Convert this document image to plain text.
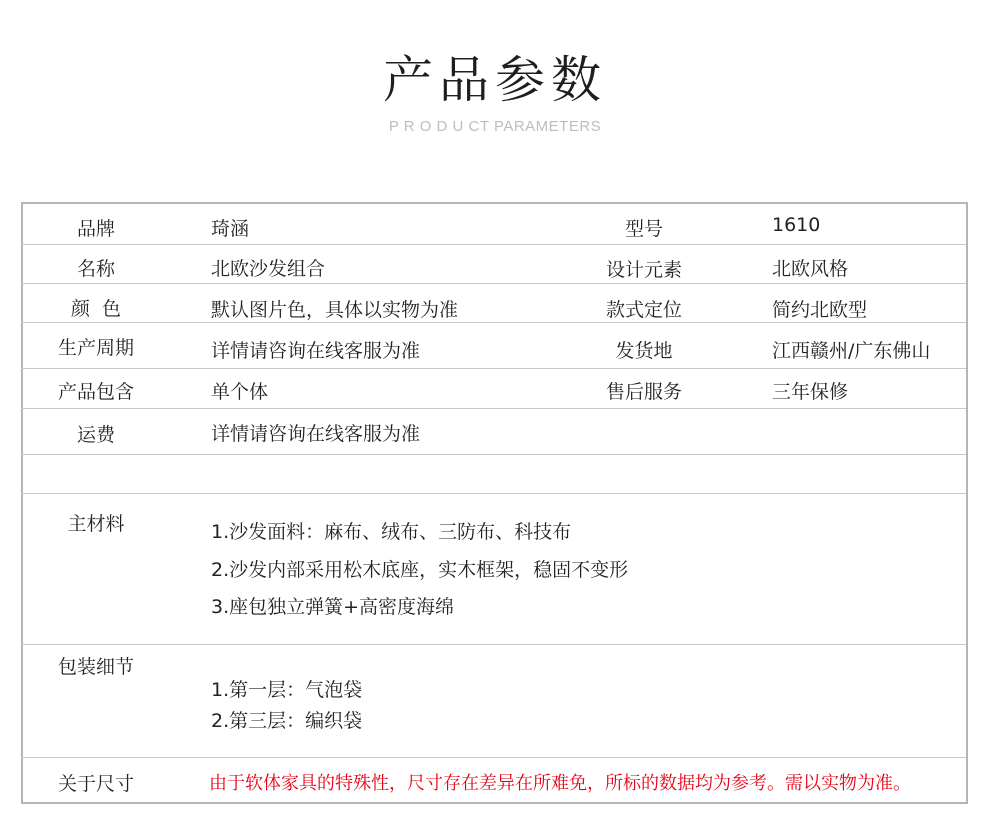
产品参数
P R O D U CT PARAMETERS
品牌	琦涵	型号	1610
名称	北欧沙发组合	设计元素	北欧风格
颜  色	默认图片色，具体以实物为准	款式定位	简约北欧型
生产周期	详情请咨询在线客服为准	发货地	江西赣州/广东佛山
产品包含	单个体	售后服务	三年保修
运费	详情请咨询在线客服为准
主材料	1.沙发面料：麻布、绒布、三防布、科技布
2.沙发内部采用松木底座，实木框架，稳固不变形
3.座包独立弹簧+高密度海绵
包装细节
1.第一层：气泡袋
2.第三层：编织袋
关于尺寸	由于软体家具的特殊性，尺寸存在差异在所难免，所标的数据均为参考。需以实物为准。
